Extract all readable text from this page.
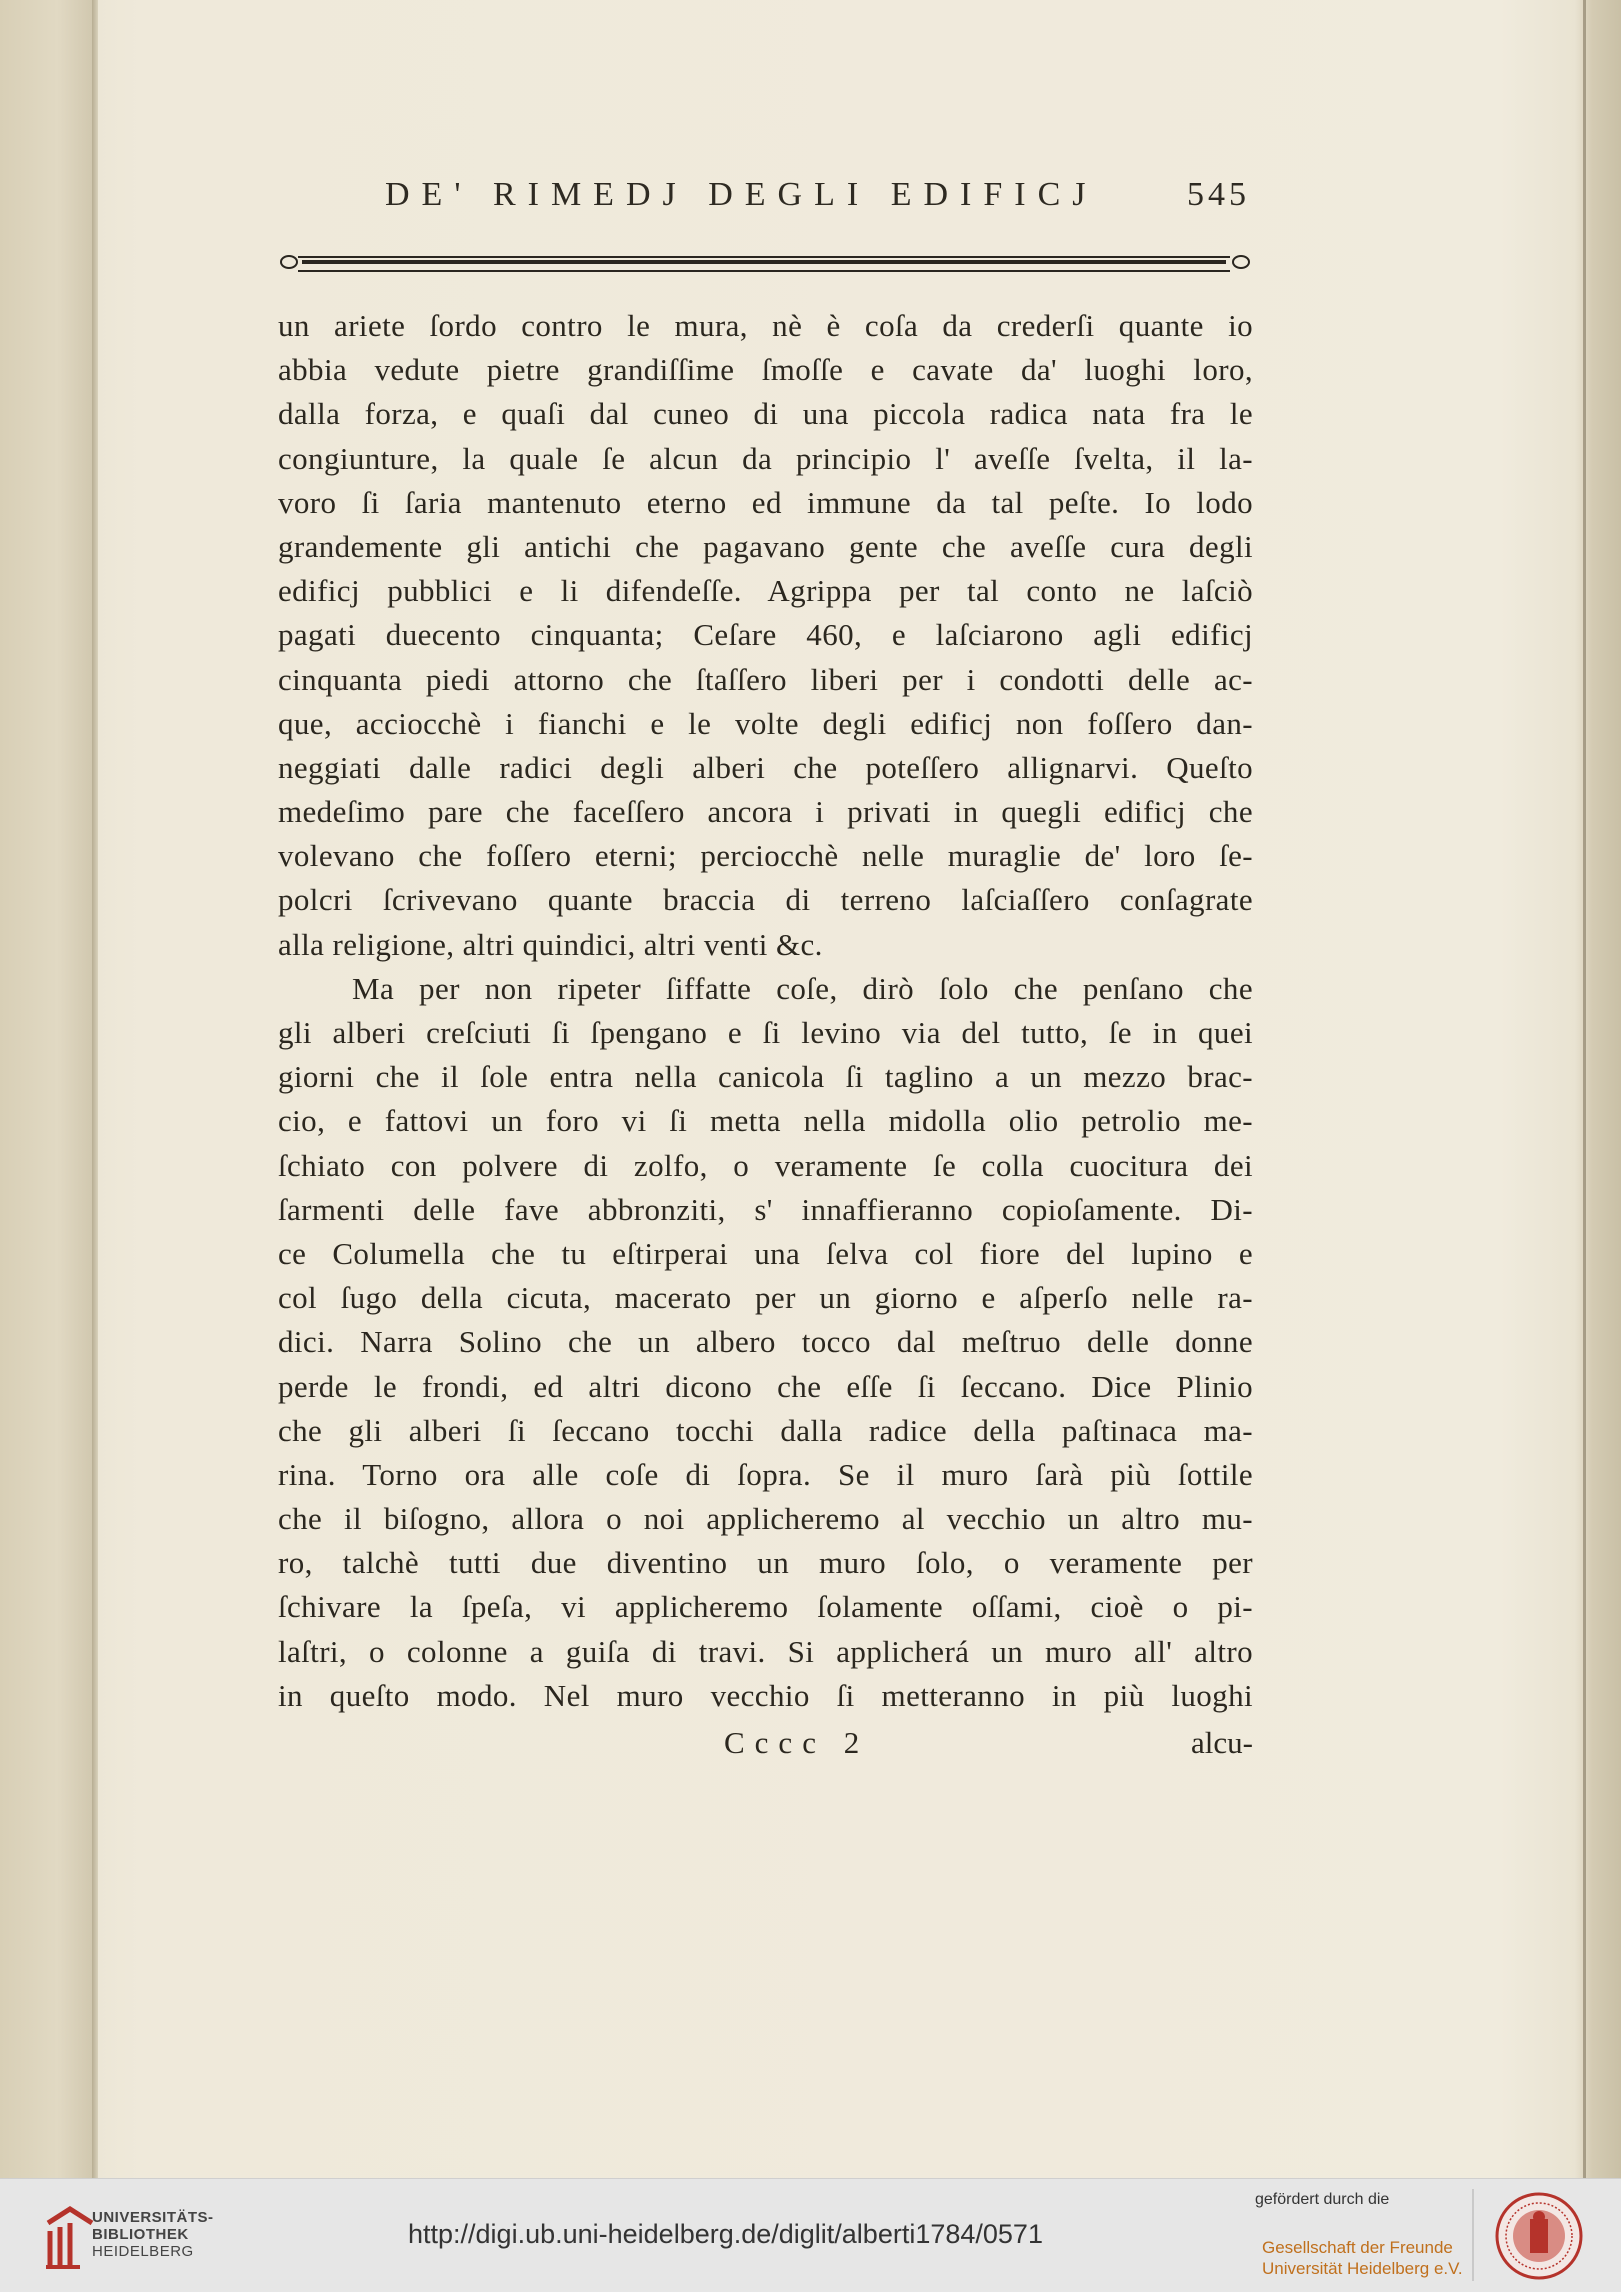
DE' RIMEDJ DEGLI EDIFICJ	545
un ariete ſordo contro le mura, nè è coſa da crederſi quante io
abbia vedute pietre grandiſſime ſmoſſe e cavate da' luoghi loro,
dalla forza, e quaſi dal cuneo di una piccola radica nata fra le
congiunture, la quale ſe alcun da principio l' aveſſe ſvelta, il la-
voro ſi ſaria mantenuto eterno ed immune da tal peſte. Io lodo
grandemente gli antichi che pagavano gente che aveſſe cura degli
edificj pubblici e li difendeſſe. Agrippa per tal conto ne laſciò
pagati duecento cinquanta; Ceſare 460, e laſciarono agli edificj
cinquanta piedi attorno che ſtaſſero liberi per i condotti delle ac-
que, acciocchè i fianchi e le volte degli edificj non foſſero dan-
neggiati dalle radici degli alberi che poteſſero allignarvi. Queſto
medeſimo pare che faceſſero ancora i privati in quegli edificj che
volevano che foſſero eterni; perciocchè nelle muraglie de' loro ſe-
polcri ſcrivevano quante braccia di terreno laſciaſſero conſagrate
alla religione, altri quindici, altri venti &c.
Ma per non ripeter ſiffatte coſe, dirò ſolo che penſano che
gli alberi creſciuti ſi ſpengano e ſi levino via del tutto, ſe in quei
giorni che il ſole entra nella canicola ſi taglino a un mezzo brac-
cio, e fattovi un foro vi ſi metta nella midolla olio petrolio me-
ſchiato con polvere di zolfo, o veramente ſe colla cuocitura dei
ſarmenti delle fave abbronziti, s' innaffieranno copioſamente. Di-
ce Columella che tu eſtirperai una ſelva col fiore del lupino e
col ſugo della cicuta, macerato per un giorno e aſperſo nelle ra-
dici. Narra Solino che un albero tocco dal meſtruo delle donne
perde le frondi, ed altri dicono che eſſe ſi ſeccano. Dice Plinio
che gli alberi ſi ſeccano tocchi dalla radice della paſtinaca ma-
rina. Torno ora alle coſe di ſopra. Se il muro ſarà più ſottile
che il biſogno, allora o noi applicheremo al vecchio un altro mu-
ro, talchè tutti due diventino un muro ſolo, o veramente per
ſchivare la ſpeſa, vi applicheremo ſolamente oſſami, cioè o pi-
laſtri, o colonne a guiſa di travi. Si applicherá un muro all' altro
in queſto modo. Nel muro vecchio ſi metteranno in più luoghi
Cccc 2	alcu-
UNIVERSITÄTS-
BIBLIOTHEK
HEIDELBERG
http://digi.ub.uni-heidelberg.de/diglit/alberti1784/0571
gefördert durch die
Gesellschaft der Freunde
Universität Heidelberg e.V.
